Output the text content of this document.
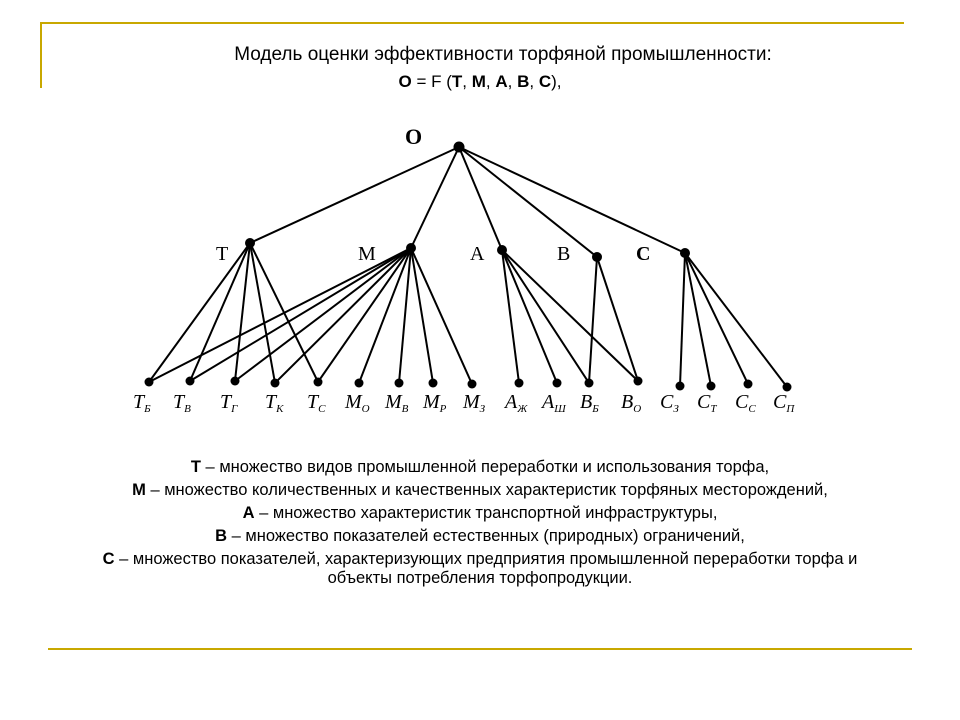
Модель оценки эффективности торфяной промышленности:
О = F (Т, М, А, В, С),
О
Т	М	А	В	С
$Т_Б$ $Т_В$ $Т_Г$ $Т_К$ $Т_С$ $М_О$ $М_В$ $М_Р$ $М_З$ $А_Ж$ $А_Ш$ $В_Б$ $В_О$ $С_З$ $С_Т$ $С_С$ $С_П$
Т – множество видов промышленной переработки и использования торфа,
М – множество количественных и качественных характеристик торфяных месторождений,
А – множество характеристик транспортной инфраструктуры,
В – множество показателей естественных (природных) ограничений,
С – множество показателей, характеризующих предприятия промышленной переработки торфа и объекты потребления торфопродукции.
